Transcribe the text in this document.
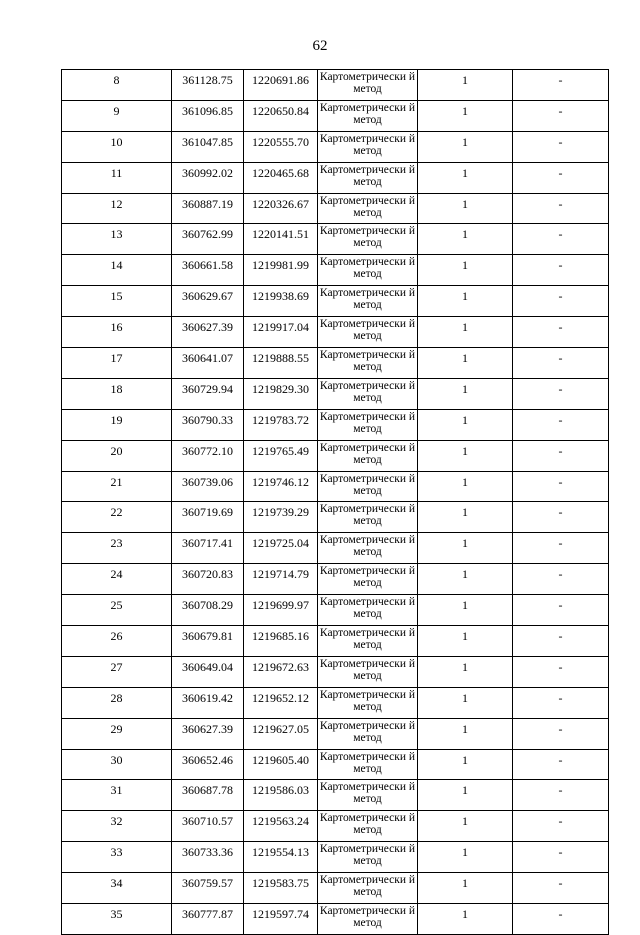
62
8	361128.75	1220691.86	Картометрически й метод	1	-
9	361096.85	1220650.84	Картометрически й метод	1	-
10	361047.85	1220555.70	Картометрически й метод	1	-
11	360992.02	1220465.68	Картометрически й метод	1	-
12	360887.19	1220326.67	Картометрически й метод	1	-
13	360762.99	1220141.51	Картометрически й метод	1	-
14	360661.58	1219981.99	Картометрически й метод	1	-
15	360629.67	1219938.69	Картометрически й метод	1	-
16	360627.39	1219917.04	Картометрически й метод	1	-
17	360641.07	1219888.55	Картометрически й метод	1	-
18	360729.94	1219829.30	Картометрически й метод	1	-
19	360790.33	1219783.72	Картометрически й метод	1	-
20	360772.10	1219765.49	Картометрически й метод	1	-
21	360739.06	1219746.12	Картометрически й метод	1	-
22	360719.69	1219739.29	Картометрически й метод	1	-
23	360717.41	1219725.04	Картометрически й метод	1	-
24	360720.83	1219714.79	Картометрически й метод	1	-
25	360708.29	1219699.97	Картометрически й метод	1	-
26	360679.81	1219685.16	Картометрически й метод	1	-
27	360649.04	1219672.63	Картометрически й метод	1	-
28	360619.42	1219652.12	Картометрически й метод	1	-
29	360627.39	1219627.05	Картометрически й метод	1	-
30	360652.46	1219605.40	Картометрически й метод	1	-
31	360687.78	1219586.03	Картометрически й метод	1	-
32	360710.57	1219563.24	Картометрически й метод	1	-
33	360733.36	1219554.13	Картометрически й метод	1	-
34	360759.57	1219583.75	Картометрически й метод	1	-
35	360777.87	1219597.74	Картометрически й метод	1	-
